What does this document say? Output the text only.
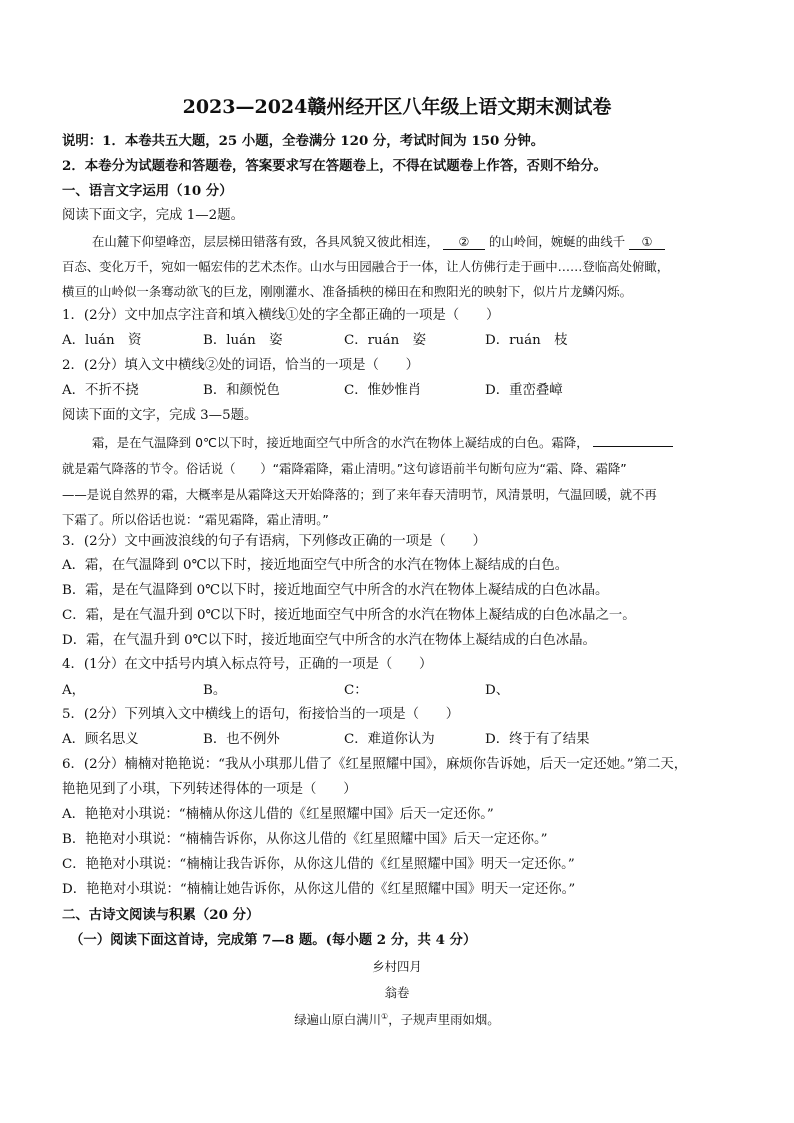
2023—2024赣州经开区八年级上语文期末测试卷
说明：1．本卷共五大题，25 小题，全卷满分 120 分，考试时间为 150 分钟。
2．本卷分为试题卷和答题卷，答案要求写在答题卷上，不得在试题卷上作答，否则不给分。
一、语言文字运用（10 分）
阅读下面文字，完成 1—2题。
在山麓下仰望峰峦，层层梯田错落有致，各具风貌又彼此相连， ② 的山岭间，婉蜒的曲线千 ①
百态、变化万千，宛如一幅宏伟的艺术杰作。山水与田园融合于一体，让人仿佛行走于画中……登临高处俯瞰，
横亘的山岭似一条骞动欲飞的巨龙，刚刚灌水、准备插秧的梯田在和煦阳光的映射下，似片片龙鳞闪烁。
1．(2分）文中加点字注音和填入横线①处的字全都正确的一项是（　　）
A．luán　资	B．luán　姿	C．ruán　姿	D．ruán　枝
2．(2分）填入文中横线②处的词语，恰当的一项是（　　）
A．不折不挠	B．和颜悦色	C．惟妙惟肖	D．重峦叠嶂
阅读下面的文字，完成 3—5题。
霜，是在气温降到 0℃以下时，接近地面空气中所含的水汽在物体上凝结成的白色。霜降，
就是霜气降落的节令。俗话说（　　）“霜降霜降，霜止清明。”这句谚语前半句断句应为“霜、降、霜降”
——是说自然界的霜，大概率是从霜降这天开始降落的；到了来年春天清明节，风清景明，气温回暖，就不再
下霜了。所以俗话也说：“霜见霜降，霜止清明。”
3．(2分）文中画波浪线的句子有语病，下列修改正确的一项是（　　）
A．霜，在气温降到 0℃以下时，接近地面空气中所含的水汽在物体上凝结成的白色。
B．霜，是在气温降到 0℃以下时，接近地面空气中所含的水汽在物体上凝结成的白色冰晶。
C．霜，是在气温升到 0℃以下时，接近地面空气中所含的水汽在物体上凝结成的白色冰晶之一。
D．霜，在气温升到 0℃以下时，接近地面空气中所含的水汽在物体上凝结成的白色冰晶。
4．(1分）在文中括号内填入标点符号，正确的一项是（　　）
A，	B。	C：	D、
5．(2分）下列填入文中横线上的语句，衔接恰当的一项是（　　）
A．顾名思义	B．也不例外	C．难道你认为	D．终于有了结果
6．(2分）楠楠对艳艳说：“我从小琪那儿借了《红星照耀中国》，麻烦你告诉她，后天一定还她。”第二天，
艳艳见到了小琪，下列转述得体的一项是（　　）
A．艳艳对小琪说：“楠楠从你这儿借的《红星照耀中国》后天一定还你。”
B．艳艳对小琪说：“楠楠告诉你，从你这儿借的《红星照耀中国》后天一定还你。”
C．艳艳对小琪说：“楠楠让我告诉你，从你这儿借的《红星照耀中国》明天一定还你。”
D．艳艳对小琪说：“楠楠让她告诉你，从你这儿借的《红星照耀中国》明天一定还你。”
二、古诗文阅读与积累（20 分）
（一）阅读下面这首诗，完成第 7—8 题。(每小题 2 分，共 4 分）
乡村四月
翁卷
绿遍山原白满川①，子规声里雨如烟。
